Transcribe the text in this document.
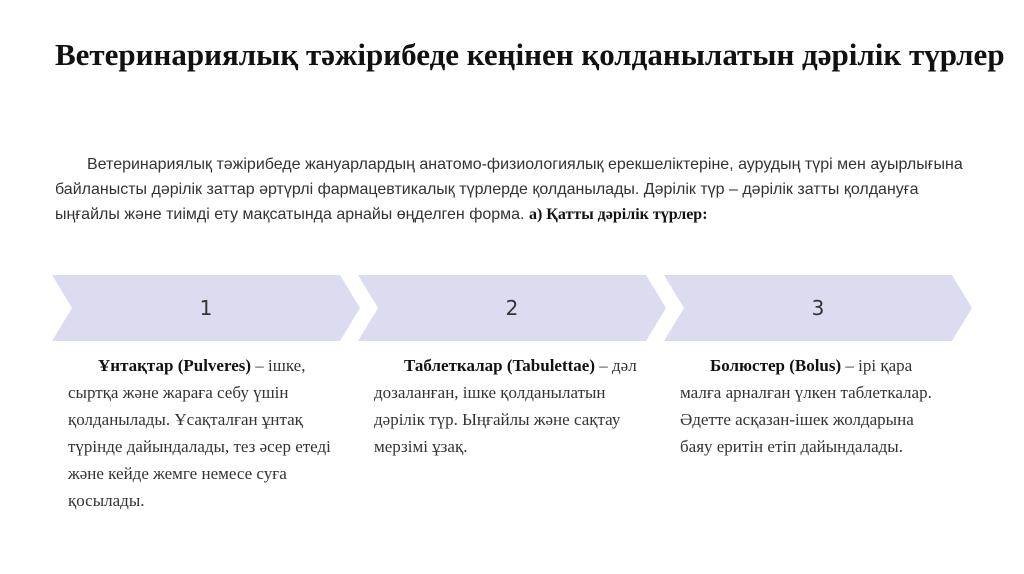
Ветеринариялық тәжірибеде кеңінен қолданылатын дәрілік түрлер

Ветеринариялық тәжірибеде жануарлардың анатомо-физиологиялық ерекшеліктеріне, аурудың түрі мен ауырлығына байланысты дәрілік заттар әртүрлі фармацевтикалық түрлерде қолданылады. Дәрілік түр – дәрілік затты қолдануға ыңғайлы және тиімді ету мақсатында арнайы өңделген форма. а) Қатты дәрілік түрлер:

1	2	3

Ұнтақтар (Pulveres) – ішке, сыртқа және жараға себу үшін қолданылады. Ұсақталған ұнтақ түрінде дайындалады, тез әсер етеді және кейде жемге немесе суға қосылады.

Таблеткалар (Tabulettae) – дәл дозаланған, ішке қолданылатын дәрілік түр. Ыңғайлы және сақтау мерзімі ұзақ.

Болюстер (Bolus) – ірі қара малға арналған үлкен таблеткалар. Әдетте асқазан-ішек жолдарына баяу еритін етіп дайындалады.
